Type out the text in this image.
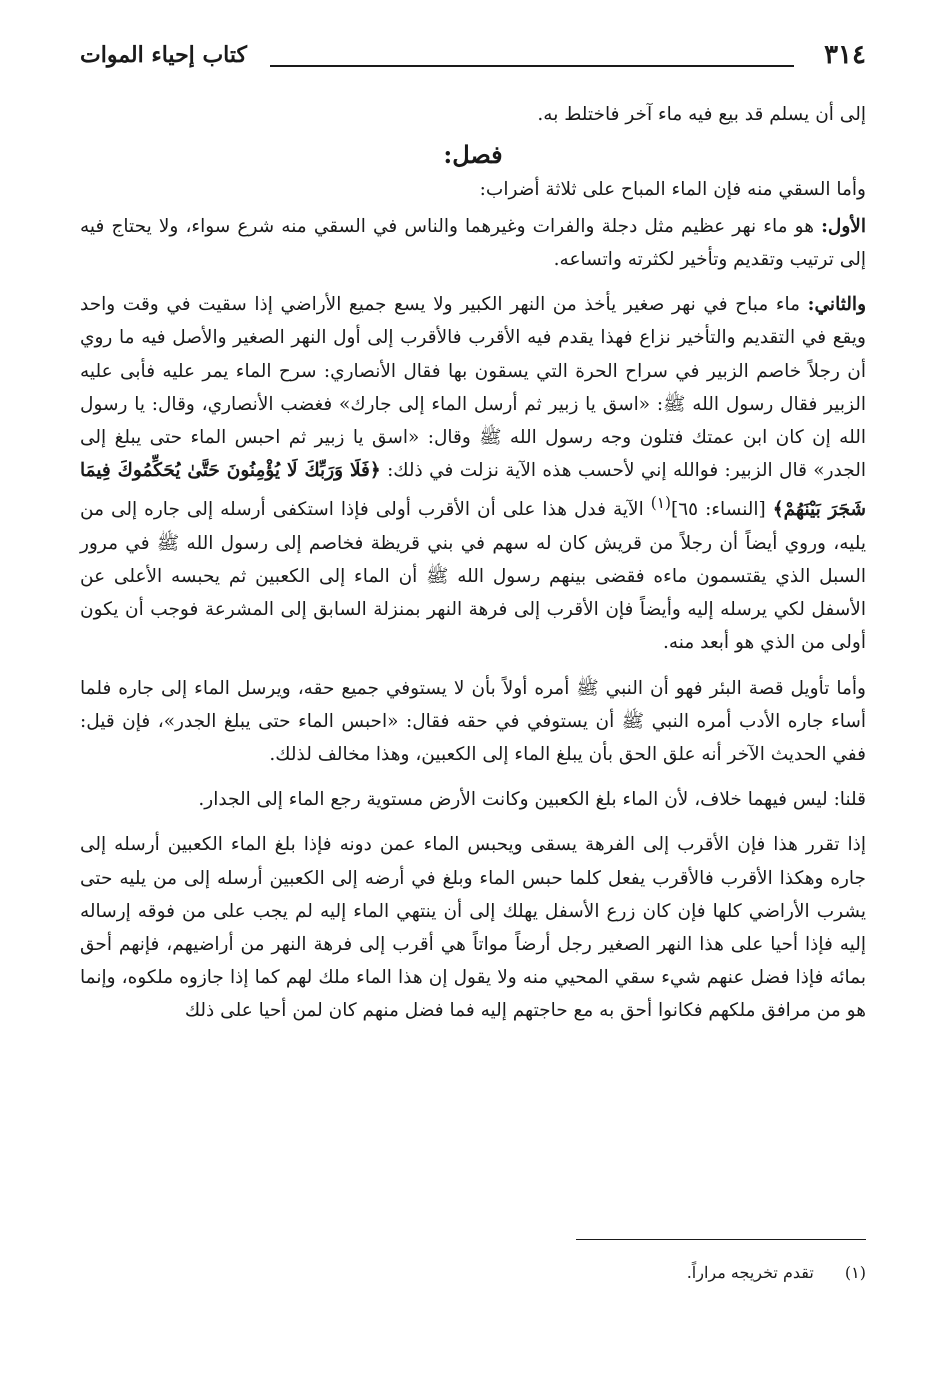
٣١٤
كتاب إحياء الموات

إلى أن يسلم قد بيع فيه ماء آخر فاختلط به.

فصل:

وأما السقي منه فإن الماء المباح على ثلاثة أضراب:

الأول: هو ماء نهر عظيم مثل دجلة والفرات وغيرهما والناس في السقي منه شرع سواء، ولا يحتاج فيه إلى ترتيب وتقديم وتأخير لكثرته واتساعه.

والثاني: ماء مباح في نهر صغير يأخذ من النهر الكبير ولا يسع جميع الأراضي إذا سقيت في وقت واحد ويقع في التقديم والتأخير نزاع فهذا يقدم فيه الأقرب فالأقرب إلى أول النهر الصغير والأصل فيه ما روي أن رجلاً خاصم الزبير في سراح الحرة التي يسقون بها فقال الأنصاري: سرح الماء يمر عليه فأبى عليه الزبير فقال رسول الله ﷺ: «اسق يا زبير ثم أرسل الماء إلى جارك» فغضب الأنصاري، وقال: يا رسول الله إن كان ابن عمتك فتلون وجه رسول الله ﷺ وقال: «اسق يا زبير ثم احبس الماء حتى يبلغ إلى الجدر» قال الزبير: فوالله إني لأحسب هذه الآية نزلت في ذلك: ﴿فَلَا وَرَبِّكَ لَا يُؤْمِنُونَ حَتَّىٰ يُحَكِّمُوكَ فِيمَا شَجَرَ بَيْنَهُمْ﴾ [النساء: ٦٥]$^{(١)}$ الآية فدل هذا على أن الأقرب أولى فإذا استكفى أرسله إلى جاره إلى من يليه، وروي أيضاً أن رجلاً من قريش كان له سهم في بني قريظة فخاصم إلى رسول الله ﷺ في مرور السبل الذي يقتسمون ماءه فقضى بينهم رسول الله ﷺ أن الماء إلى الكعبين ثم يحبسه الأعلى عن الأسفل لكي يرسله إليه وأيضاً فإن الأقرب إلى فرهة النهر بمنزلة السابق إلى المشرعة فوجب أن يكون أولى من الذي هو أبعد منه.

وأما تأويل قصة البئر فهو أن النبي ﷺ أمره أولاً بأن لا يستوفي جميع حقه، ويرسل الماء إلى جاره فلما أساء جاره الأدب أمره النبي ﷺ أن يستوفي في حقه فقال: «احبس الماء حتى يبلغ الجدر»، فإن قيل: ففي الحديث الآخر أنه علق الحق بأن يبلغ الماء إلى الكعبين، وهذا مخالف لذلك.

قلنا: ليس فيهما خلاف، لأن الماء بلغ الكعبين وكانت الأرض مستوية رجع الماء إلى الجدار.

إذا تقرر هذا فإن الأقرب إلى الفرهة يسقى ويحبس الماء عمن دونه فإذا بلغ الماء الكعبين أرسله إلى جاره وهكذا الأقرب فالأقرب يفعل كلما حبس الماء وبلغ في أرضه إلى الكعبين أرسله إلى من يليه حتى يشرب الأراضي كلها فإن كان زرع الأسفل يهلك إلى أن ينتهي الماء إليه لم يجب على من فوقه إرساله إليه فإذا أحيا على هذا النهر الصغير رجل أرضاً مواتاً هي أقرب إلى فرهة النهر من أراضيهم، فإنهم أحق بمائه فإذا فضل عنهم شيء سقي المحيي منه ولا يقول إن هذا الماء ملك لهم كما إذا جازوه ملكوه، وإنما هو من مرافق ملكهم فكانوا أحق به مع حاجتهم إليه فما فضل منهم كان لمن أحيا على ذلك

(١) تقدم تخريجه مراراً.
